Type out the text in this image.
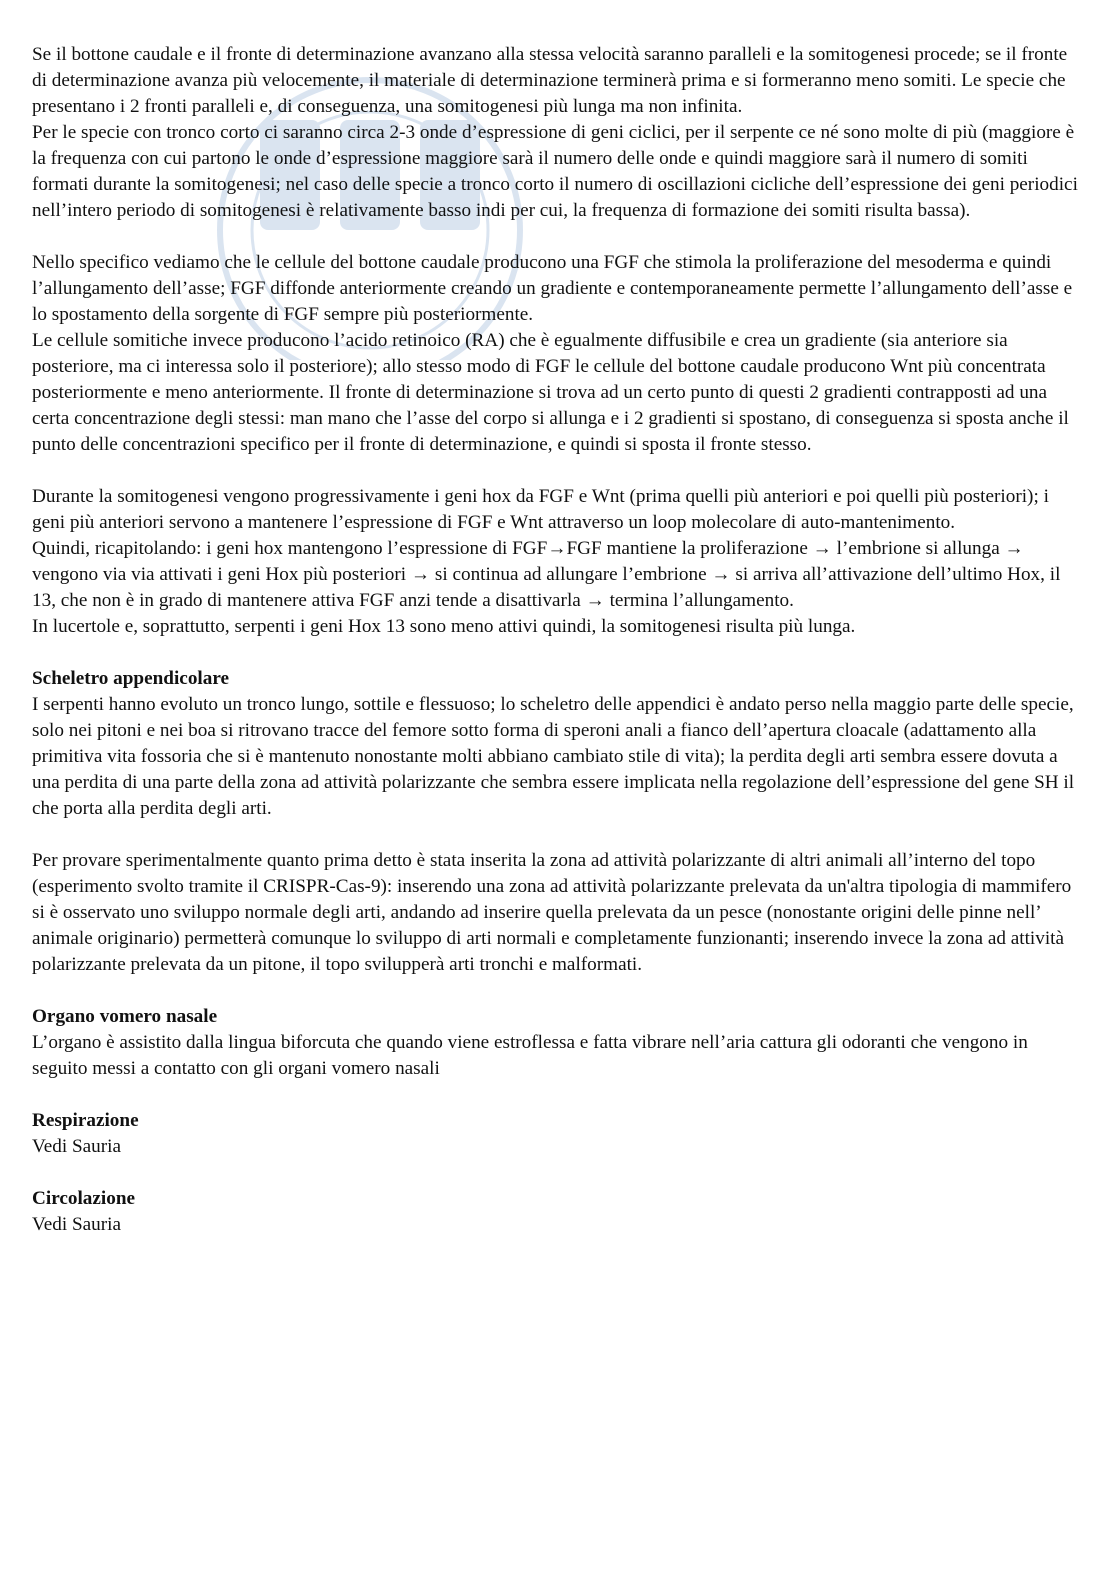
Se il bottone caudale e il fronte di determinazione avanzano alla stessa velocità saranno paralleli e la somitogenesi procede; se il fronte di determinazione avanza più velocemente, il materiale di determinazione terminerà prima e si formeranno meno somiti. Le specie che presentano i 2 fronti paralleli e, di conseguenza, una somitogenesi più lunga ma non infinita.

Per le specie con tronco corto ci saranno circa 2-3 onde d’espressione di geni ciclici, per il serpente ce né sono molte di più (maggiore è la frequenza con cui partono le onde d’espressione maggiore sarà il numero delle onde e quindi maggiore sarà il numero di somiti formati durante la somitogenesi; nel caso delle specie a tronco corto il numero di oscillazioni cicliche dell’espressione dei geni periodici nell’intero periodo di somitogenesi è relativamente basso indi per cui, la frequenza di formazione dei somiti risulta bassa).

Nello specifico vediamo che le cellule del bottone caudale producono una FGF che stimola la proliferazione del mesoderma e quindi l’allungamento dell’asse; FGF diffonde anteriormente creando un gradiente e contemporaneamente permette l’allungamento dell’asse e lo spostamento della sorgente di FGF sempre più posteriormente.

Le cellule somitiche invece producono l’acido retinoico (RA) che è egualmente diffusibile e crea un gradiente (sia anteriore sia posteriore, ma ci interessa solo il posteriore); allo stesso modo di FGF le cellule del bottone caudale producono Wnt più concentrata posteriormente e meno anteriormente. Il fronte di determinazione si trova ad un certo punto di questi 2 gradienti contrapposti ad una certa concentrazione degli stessi: man mano che l’asse del corpo si allunga e i 2 gradienti si spostano, di conseguenza si sposta anche il punto delle concentrazioni specifico per il fronte di determinazione, e quindi si sposta il fronte stesso.

Durante la somitogenesi vengono progressivamente i geni hox da FGF e Wnt (prima quelli più anteriori e poi quelli più posteriori); i geni più anteriori servono a mantenere l’espressione di FGF e Wnt attraverso un loop molecolare di auto-mantenimento.

Quindi, ricapitolando: i geni hox mantengono l’espressione di FGF→FGF mantiene la proliferazione → l’embrione si allunga → vengono via via attivati i geni Hox più posteriori → si continua ad allungare l’embrione → si arriva all’attivazione dell’ultimo Hox, il 13, che non è in grado di mantenere attiva FGF anzi tende a disattivarla → termina l’allungamento.

In lucertole e, soprattutto, serpenti i geni Hox 13 sono meno attivi quindi, la somitogenesi risulta più lunga.

Scheletro appendicolare

I serpenti hanno evoluto un tronco lungo, sottile e flessuoso; lo scheletro delle appendici è andato perso nella maggio parte delle specie, solo nei pitoni e nei boa si ritrovano tracce del femore sotto forma di speroni anali a fianco dell’apertura cloacale (adattamento alla primitiva vita fossoria che si è mantenuto nonostante molti abbiano cambiato stile di vita); la perdita degli arti sembra essere dovuta a una perdita di una parte della zona ad attività polarizzante che sembra essere implicata nella regolazione dell’espressione del gene SH il che porta alla perdita degli arti.

Per provare sperimentalmente quanto prima detto è stata inserita la zona ad attività polarizzante di altri animali all’interno del topo (esperimento svolto tramite il CRISPR-Cas-9): inserendo una zona ad attività polarizzante prelevata da un'altra tipologia di mammifero si è osservato uno sviluppo normale degli arti, andando ad inserire quella prelevata da un pesce (nonostante origini delle pinne nell’ animale originario) permetterà comunque lo sviluppo di arti normali e completamente funzionanti; inserendo invece la zona ad attività polarizzante prelevata da un pitone, il topo svilupperà arti tronchi e malformati.

Organo vomero nasale

L’organo è assistito dalla lingua biforcuta che quando viene estroflessa e fatta vibrare nell’aria cattura gli odoranti che vengono in seguito messi a contatto con gli organi vomero nasali

Respirazione

Vedi Sauria

Circolazione

Vedi Sauria
